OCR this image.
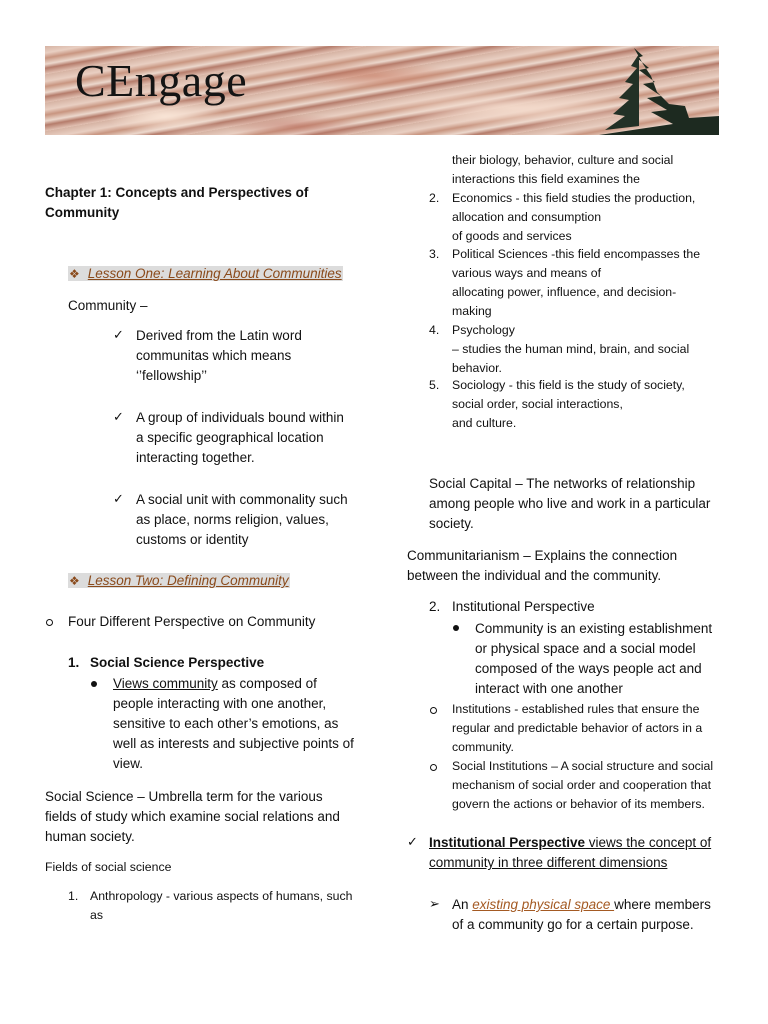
CEngage
Chapter 1: Concepts and Perspectives of
Community
❖ Lesson One: Learning About Communities
Community –
✓ Derived from the Latin word
communitas which means
‘’fellowship’’
✓ A group of individuals bound within
a specific geographical location
interacting together.
✓ A social unit with commonality such
as place, norms religion, values,
customs or identity
❖ Lesson Two: Defining Community
Four Different Perspective on Community
1. Social Science Perspective
Views community as composed of
people interacting with one another,
sensitive to each other’s emotions, as
well as interests and subjective points of
view.
Social Science – Umbrella term for the various
fields of study which examine social relations and
human society.
Fields of social science
1. Anthropology - various aspects of humans, such
as
their biology, behavior, culture and social
interactions this field examines the
2. Economics - this field studies the production,
allocation and consumption
of goods and services
3. Political Sciences -this field encompasses the
various ways and means of
allocating power, influence, and decision-
making
4. Psychology
– studies the human mind, brain, and social
behavior.
5. Sociology - this field is the study of society,
social order, social interactions,
and culture.
Social Capital – The networks of relationship
among people who live and work in a particular
society.
Communitarianism – Explains the connection
between the individual and the community.
2. Institutional Perspective
Community is an existing establishment
or physical space and a social model
composed of the ways people act and
interact with one another
Institutions - established rules that ensure the
regular and predictable behavior of actors in a
community.
Social Institutions – A social structure and social
mechanism of social order and cooperation that
govern the actions or behavior of its members.
✓ Institutional Perspective views the concept of
community in three different dimensions
➢ An existing physical space where members
of a community go for a certain purpose.
